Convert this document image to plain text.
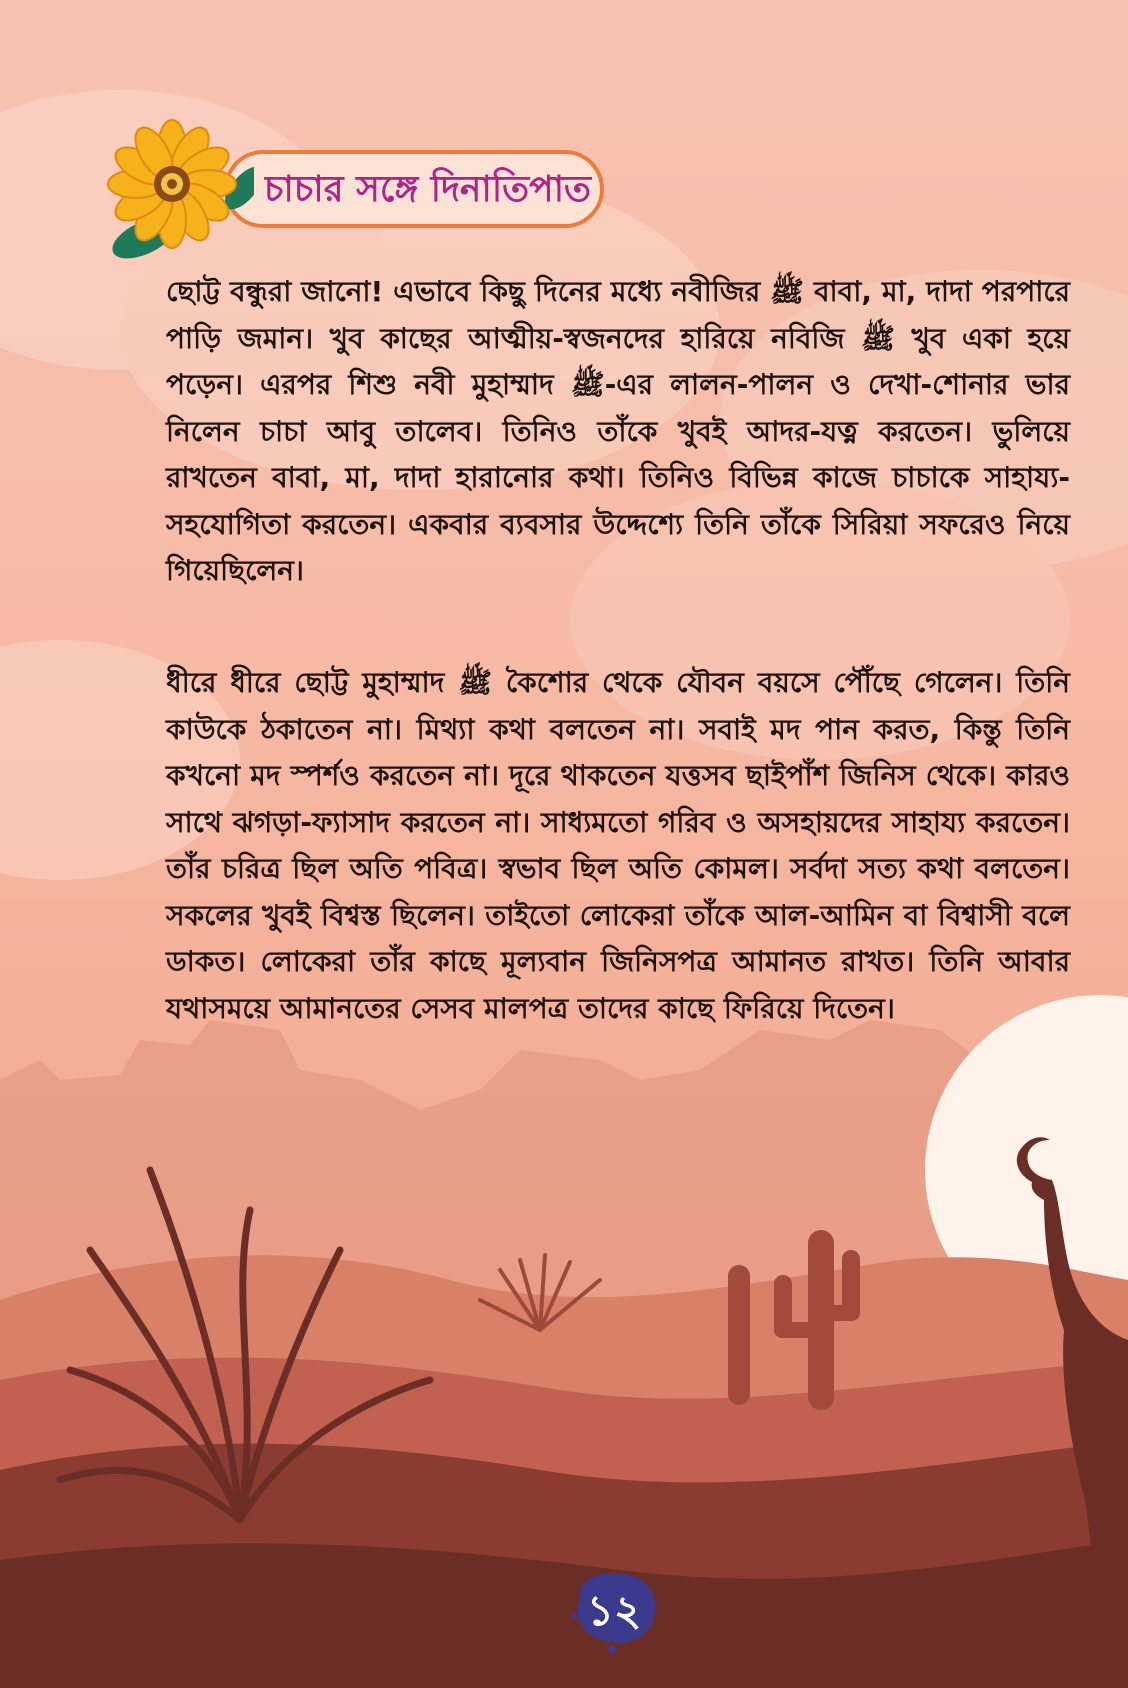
চাচার সঙ্গে দিনাতিপাত

ছোট্ট বন্ধুরা জানো! এভাবে কিছু দিনের মধ্যে নবীজির ﷺ বাবা, মা, দাদা পরপারে পাড়ি জমান। খুব কাছের আত্মীয়-স্বজনদের হারিয়ে নবিজি ﷺ খুব একা হয়ে পড়েন। এরপর শিশু নবী মুহাম্মাদ ﷺ-এর লালন-পালন ও দেখা-শোনার ভার নিলেন চাচা আবু তালেব। তিনিও তাঁকে খুবই আদর-যত্ন করতেন। ভুলিয়ে রাখতেন বাবা, মা, দাদা হারানোর কথা। তিনিও বিভিন্ন কাজে চাচাকে সাহায্য-সহযোগিতা করতেন। একবার ব্যবসার উদ্দেশ্যে তিনি তাঁকে সিরিয়া সফরেও নিয়ে গিয়েছিলেন।

ধীরে ধীরে ছোট্ট মুহাম্মাদ ﷺ কৈশোর থেকে যৌবন বয়সে পৌঁছে গেলেন। তিনি কাউকে ঠকাতেন না। মিথ্যা কথা বলতেন না। সবাই মদ পান করত, কিন্তু তিনি কখনো মদ স্পর্শও করতেন না। দূরে থাকতেন যত্তসব ছাইপাঁশ জিনিস থেকে। কারও সাথে ঝগড়া-ফ্যাসাদ করতেন না। সাধ্যমতো গরিব ও অসহায়দের সাহায্য করতেন। তাঁর চরিত্র ছিল অতি পবিত্র। স্বভাব ছিল অতি কোমল। সর্বদা সত্য কথা বলতেন। সকলের খুবই বিশ্বস্ত ছিলেন। তাইতো লোকেরা তাঁকে আল-আমিন বা বিশ্বাসী বলে ডাকত। লোকেরা তাঁর কাছে মূল্যবান জিনিসপত্র আমানত রাখত। তিনি আবার যথাসময়ে আমানতের সেসব মালপত্র তাদের কাছে ফিরিয়ে দিতেন।

১২
